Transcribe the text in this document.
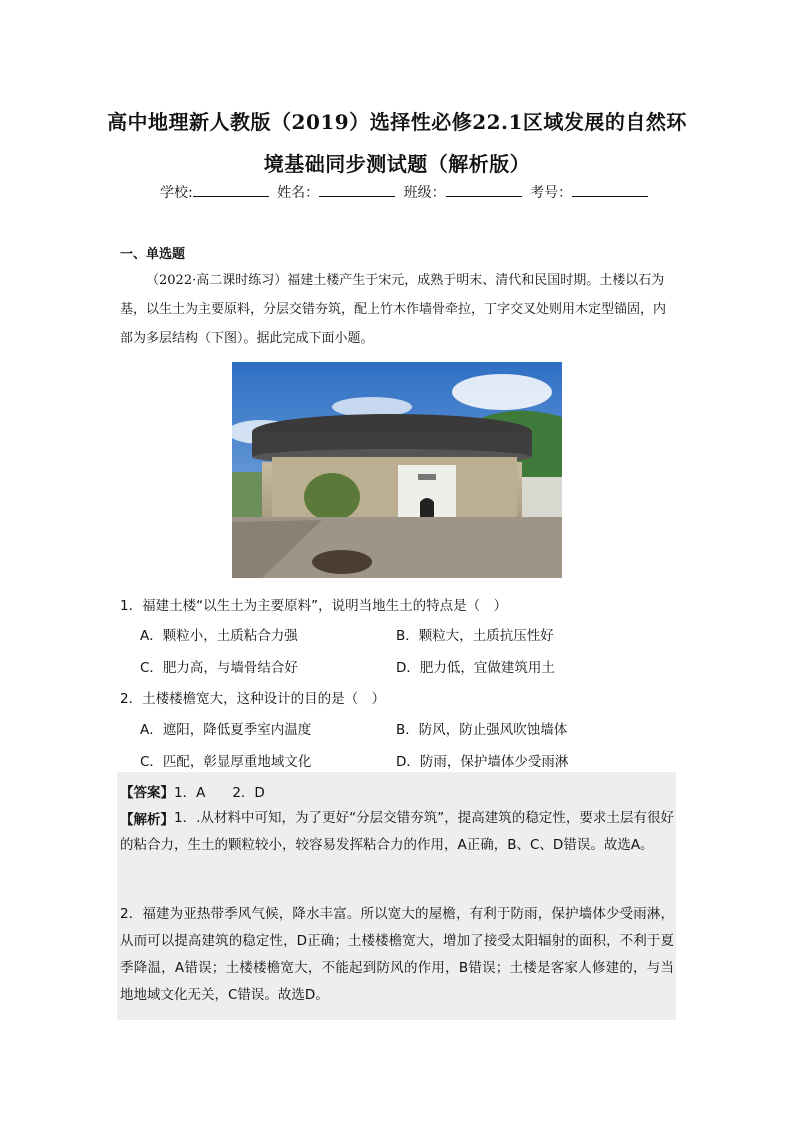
高中地理新人教版（2019）选择性必修22.1区域发展的自然环
境基础同步测试题（解析版）
学校:	姓名：	班级：	考号：
一、单选题
（2022·高二课时练习）福建土楼产生于宋元，成熟于明末、清代和民国时期。土楼以石为基，以生土为主要原料，分层交错夯筑，配上竹木作墙骨牵拉，丁字交叉处则用木定型锚固，内部为多层结构（下图）。据此完成下面小题。
1．福建土楼“以生土为主要原料”，说明当地生土的特点是（　）
A．颗粒小，土质粘合力强	B．颗粒大，土质抗压性好
C．肥力高，与墙骨结合好	D．肥力低，宜做建筑用土
2．土楼楼檐宽大，这种设计的目的是（　）
A．遮阳，降低夏季室内温度	B．防风，防止强风吹蚀墙体
C．匹配，彰显厚重地域文化	D．防雨，保护墙体少受雨淋
【答案】1．A　　2．D
【解析】 1．.从材料中可知，为了更好“分层交错夯筑”，提高建筑的稳定性，要求土层有很好的粘合力，生土的颗粒较小，较容易发挥粘合力的作用，A正确，B、C、D错误。故选A。
2．福建为亚热带季风气候，降水丰富。所以宽大的屋檐，有利于防雨，保护墙体少受雨淋，从而可以提高建筑的稳定性，D正确；土楼楼檐宽大，增加了接受太阳辐射的面积，不利于夏季降温，A错误；土楼楼檐宽大，不能起到防风的作用，B错误；土楼是客家人修建的，与当地地域文化无关，C错误。故选D。
